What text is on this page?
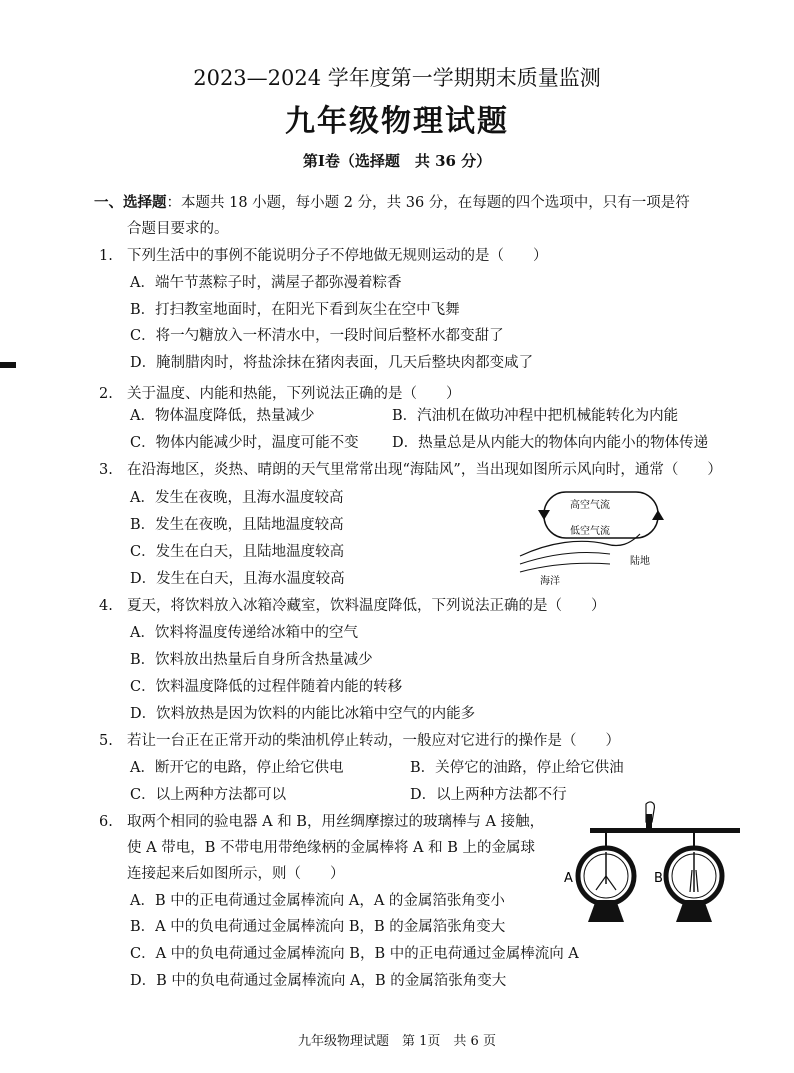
2023—2024 学年度第一学期期末质量监测
九年级物理试题
第Ⅰ卷（选择题　共 36 分）
一、选择题：本题共 18 小题，每小题 2 分，共 36 分，在每题的四个选项中，只有一项是符
合题目要求的。
1. 下列生活中的事例不能说明分子不停地做无规则运动的是（　　）
A．端午节蒸粽子时，满屋子都弥漫着粽香
B．打扫教室地面时，在阳光下看到灰尘在空中飞舞
C．将一勺糖放入一杯清水中，一段时间后整杯水都变甜了
D．腌制腊肉时，将盐涂抹在猪肉表面，几天后整块肉都变咸了
2. 关于温度、内能和热能，下列说法正确的是（　　）
A．物体温度降低，热量减少	B．汽油机在做功冲程中把机械能转化为内能
C．物体内能减少时，温度可能不变 D．热量总是从内能大的物体向内能小的物体传递
3. 在沿海地区，炎热、晴朗的天气里常常出现“海陆风”，当出现如图所示风向时，通常（　　）
A．发生在夜晚，且海水温度较高
B．发生在夜晚，且陆地温度较高
C．发生在白天，且陆地温度较高
D．发生在白天，且海水温度较高
高空气流
低空气流
陆地
海洋
4. 夏天，将饮料放入冰箱冷藏室，饮料温度降低，下列说法正确的是（　　）
A．饮料将温度传递给冰箱中的空气
B．饮料放出热量后自身所含热量减少
C．饮料温度降低的过程伴随着内能的转移
D．饮料放热是因为饮料的内能比冰箱中空气的内能多
5. 若让一台正在正常开动的柴油机停止转动，一般应对它进行的操作是（　　）
A．断开它的电路，停止给它供电	B．关停它的油路，停止给它供油
C．以上两种方法都可以	D．以上两种方法都不行
6. 取两个相同的验电器 A 和 B，用丝绸摩擦过的玻璃棒与 A 接触，
使 A 带电，B 不带电用带绝缘柄的金属棒将 A 和 B 上的金属球
连接起来后如图所示，则（　　）
A．B 中的正电荷通过金属棒流向 A，A 的金属箔张角变小
B．A 中的负电荷通过金属棒流向 B，B 的金属箔张角变大
C．A 中的负电荷通过金属棒流向 B，B 中的正电荷通过金属棒流向 A
D．B 中的负电荷通过金属棒流向 A，B 的金属箔张角变大
A	B
九年级物理试题　第 1页　共 6 页
